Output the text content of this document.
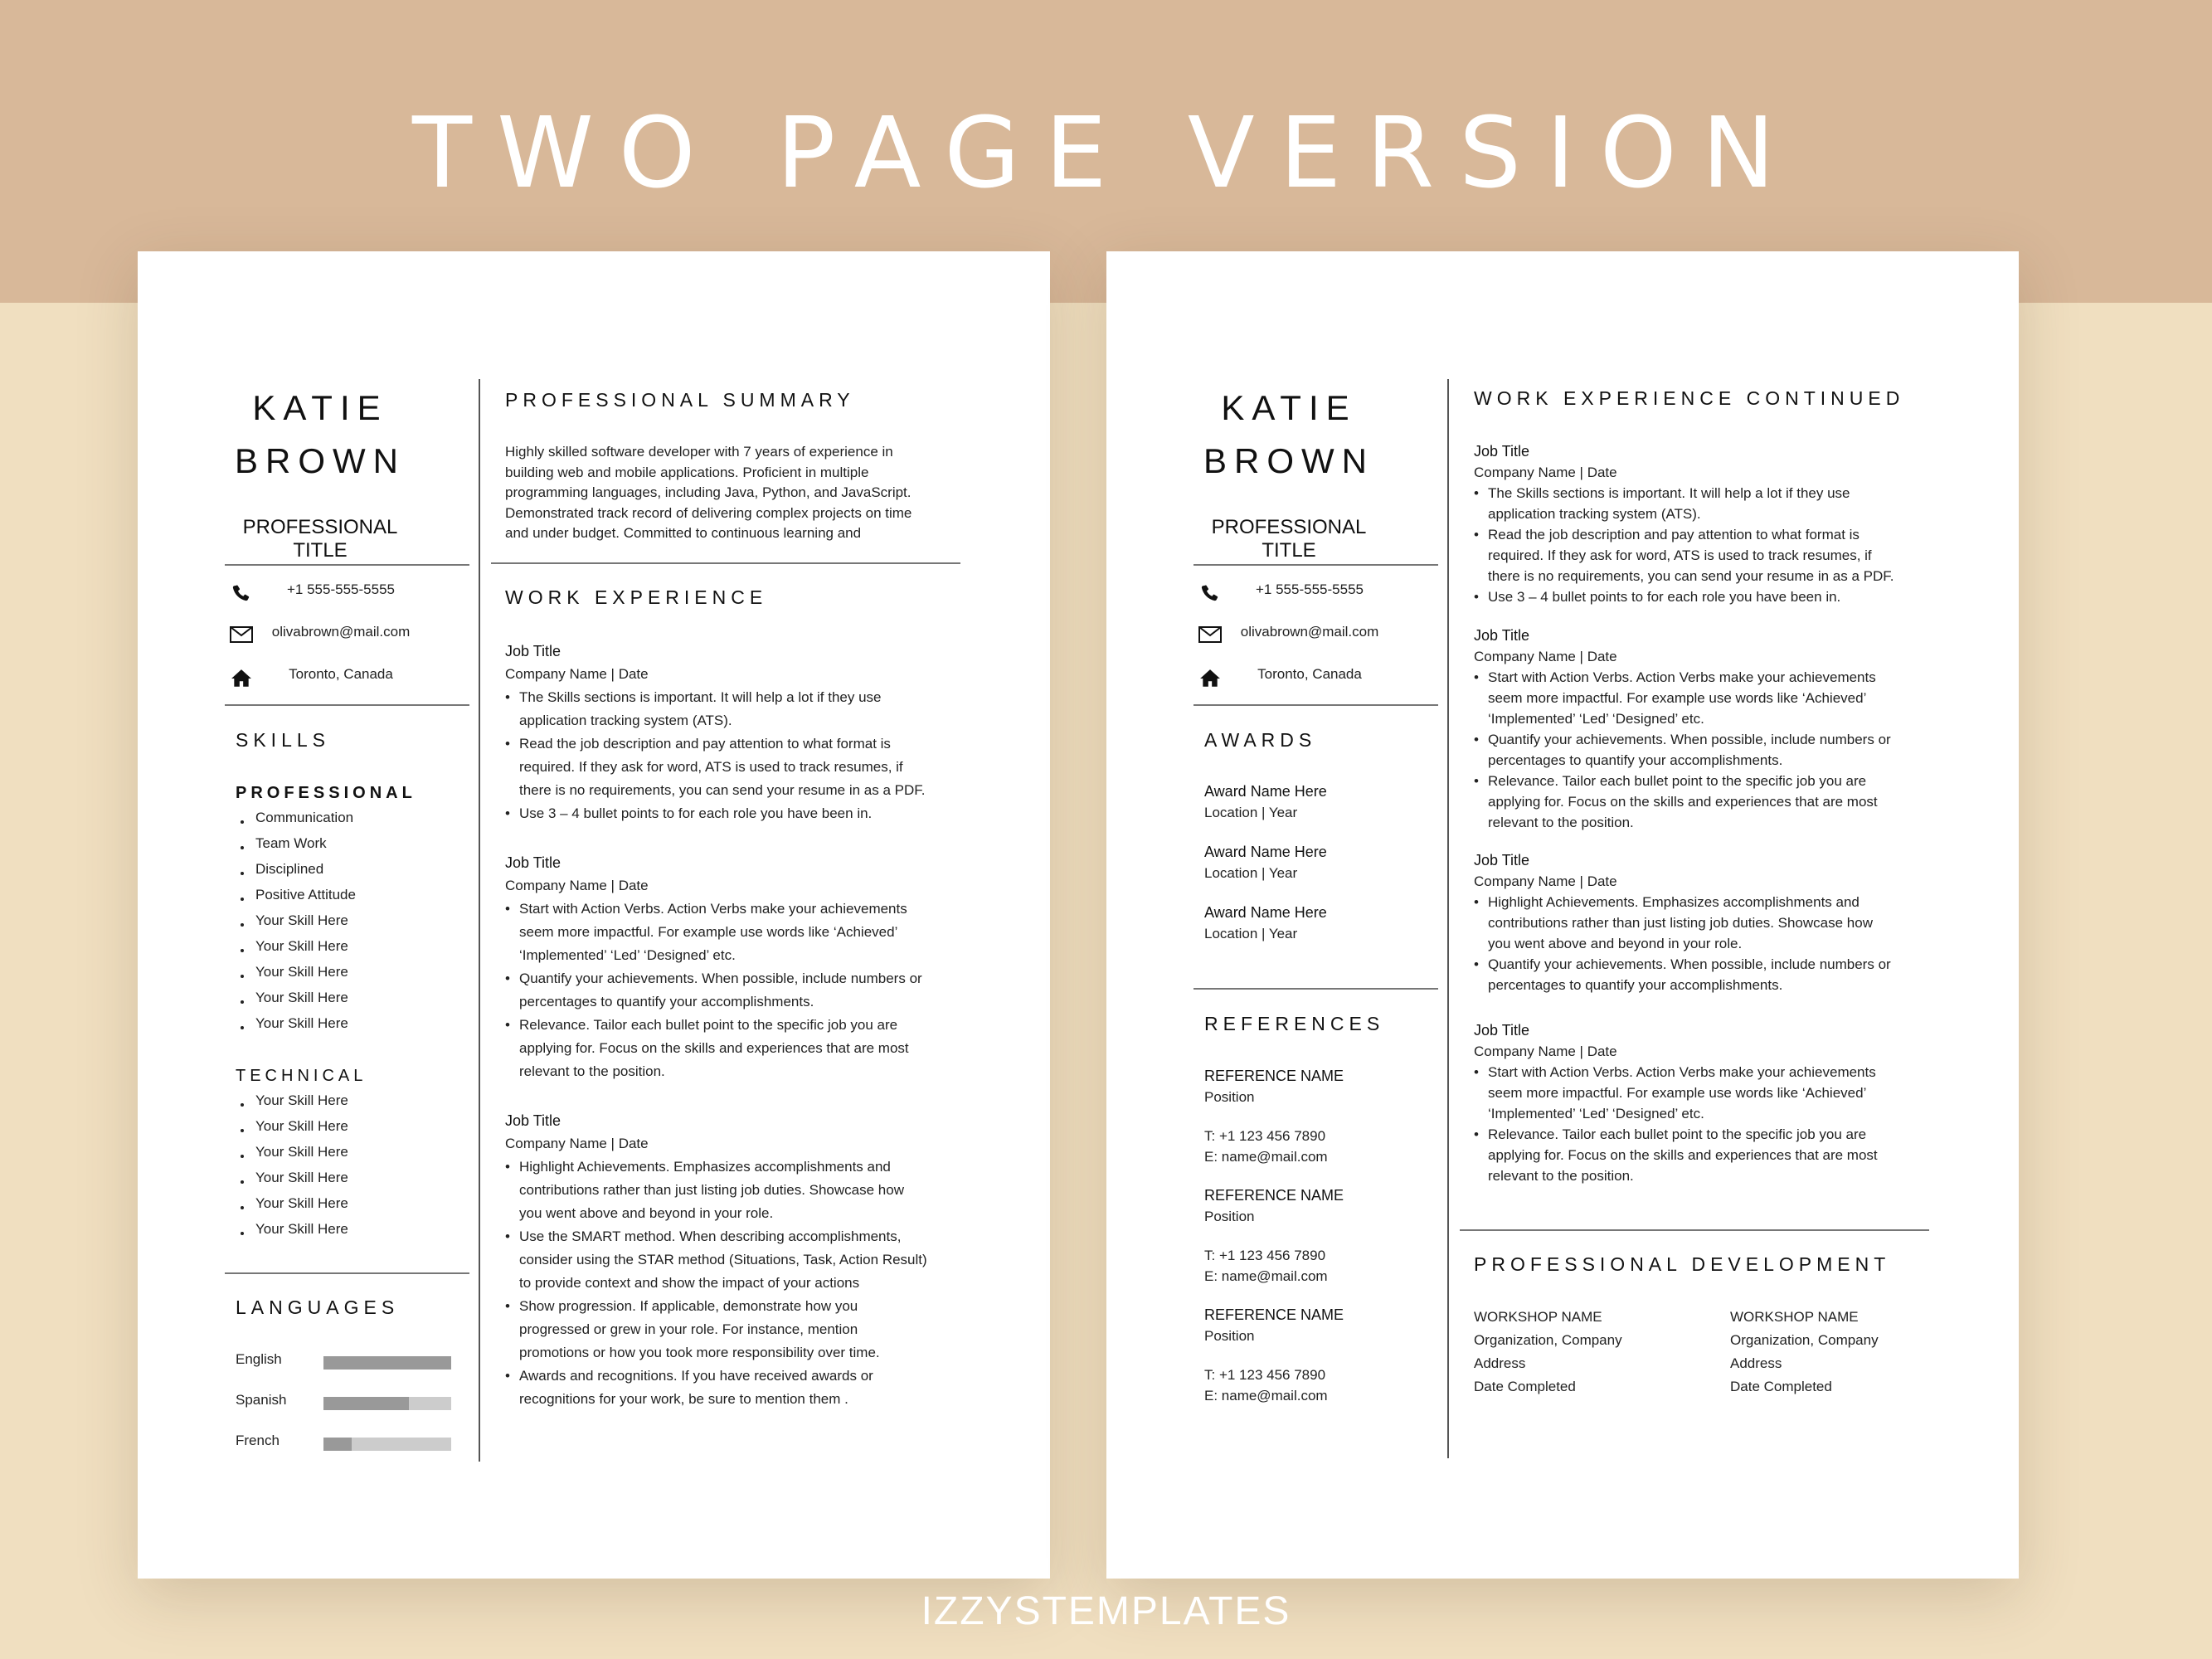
TWO PAGE VERSION
KATIE
BROWN
PROFESSIONAL TITLE
+1 555-555-5555
olivabrown@mail.com
Toronto, Canada
SKILLS
PROFESSIONAL
Communication
Team Work
Disciplined
Positive Attitude
Your Skill Here
Your Skill Here
Your Skill Here
Your Skill Here
Your Skill Here
TECHNICAL
Your Skill Here
Your Skill Here
Your Skill Here
Your Skill Here
Your Skill Here
Your Skill Here
LANGUAGES
English
Spanish
French
PROFESSIONAL SUMMARY
Highly skilled software developer with 7 years of experience in
building web and mobile applications. Proficient in multiple
programming languages, including Java, Python, and JavaScript.
Demonstrated track record of delivering complex projects on time
and under budget. Committed to continuous learning and
WORK EXPERIENCE
Job Title
Company Name | Date
• The Skills sections is important. It will help a lot if they use
application tracking system (ATS).
• Read the job description and pay attention to what format is
required. If they ask for word, ATS is used to track resumes, if
there is no requirements, you can send your resume in as a PDF.
• Use 3 – 4 bullet points to for each role you have been in.
Job Title
Company Name | Date
• Start with Action Verbs. Action Verbs make your achievements
seem more impactful. For example use words like ‘Achieved’
‘Implemented’ ‘Led’ ‘Designed’ etc.
• Quantify your achievements. When possible, include numbers or
percentages to quantify your accomplishments.
• Relevance. Tailor each bullet point to the specific job you are
applying for. Focus on the skills and experiences that are most
relevant to the position.
Job Title
Company Name | Date
• Highlight Achievements. Emphasizes accomplishments and
contributions rather than just listing job duties. Showcase how
you went above and beyond in your role.
• Use the SMART method. When describing accomplishments,
consider using the STAR method (Situations, Task, Action Result)
to provide context and show the impact of your actions
• Show progression. If applicable, demonstrate how you
progressed or grew in your role. For instance, mention
promotions or how you took more responsibility over time.
• Awards and recognitions. If you have received awards or
recognitions for your work, be sure to mention them .
KATIE
BROWN
PROFESSIONAL TITLE
+1 555-555-5555
olivabrown@mail.com
Toronto, Canada
AWARDS
Award Name Here
Location | Year
Award Name Here
Location | Year
Award Name Here
Location | Year
REFERENCES
REFERENCE NAME
Position
T: +1 123 456 7890
E: name@mail.com
REFERENCE NAME
Position
T: +1 123 456 7890
E: name@mail.com
REFERENCE NAME
Position
T: +1 123 456 7890
E: name@mail.com
WORK EXPERIENCE CONTINUED
Job Title
Company Name | Date
• The Skills sections is important. It will help a lot if they use
application tracking system (ATS).
• Read the job description and pay attention to what format is
required. If they ask for word, ATS is used to track resumes, if
there is no requirements, you can send your resume in as a PDF.
• Use 3 – 4 bullet points to for each role you have been in.
Job Title
Company Name | Date
• Start with Action Verbs. Action Verbs make your achievements
seem more impactful. For example use words like ‘Achieved’
‘Implemented’ ‘Led’ ‘Designed’ etc.
• Quantify your achievements. When possible, include numbers or
percentages to quantify your accomplishments.
• Relevance. Tailor each bullet point to the specific job you are
applying for. Focus on the skills and experiences that are most
relevant to the position.
Job Title
Company Name | Date
• Highlight Achievements. Emphasizes accomplishments and
contributions rather than just listing job duties. Showcase how
you went above and beyond in your role.
• Quantify your achievements. When possible, include numbers or
percentages to quantify your accomplishments.
Job Title
Company Name | Date
• Start with Action Verbs. Action Verbs make your achievements
seem more impactful. For example use words like ‘Achieved’
‘Implemented’ ‘Led’ ‘Designed’ etc.
• Relevance. Tailor each bullet point to the specific job you are
applying for. Focus on the skills and experiences that are most
relevant to the position.
PROFESSIONAL DEVELOPMENT
WORKSHOP NAME
Organization, Company
Address
Date Completed
WORKSHOP NAME
Organization, Company
Address
Date Completed
IZZYSTEMPLATES
